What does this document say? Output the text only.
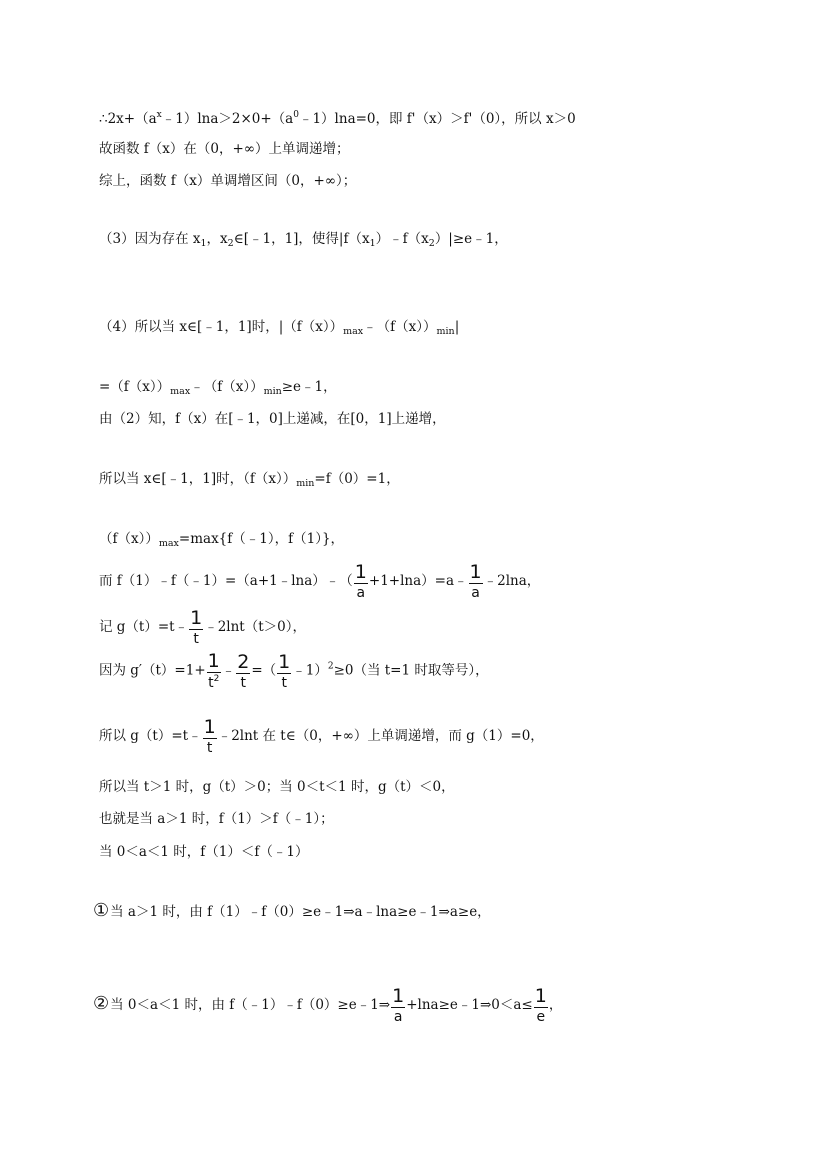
$\therefore 2x+(a^x﹣1)\ln a>2\times 0+(a^0﹣1)\ln a=0$，即 f'（x）＞f'（0），所以 x＞0
故函数 f（x）在（0，+∞）上单调递增；
综上，函数 f（x）单调增区间（0，+∞）；
（3）因为存在 $x_1$，$x_2\in[﹣1$，1]，使得$|f(x_1)﹣f(x_2)|\ge e﹣1$，
（4）所以当 x∈[﹣1，1]时，$|(f(x))_{max}﹣(f(x))_{min}|$
$=(f(x))_{max}﹣(f(x))_{min}\ge e﹣1$，
由（2）知，f（x）在[﹣1，0]上递减，在[0，1]上递增，
所以当 x∈[﹣1，1]时，$(f(x))_{min}=f(0)=1$，
$(f(x))_{max}=\max\{f(﹣1)$，f（1）}，
而 f（1）﹣f（﹣1）=（a+1﹣lna）﹣（ $\frac{1}{a}$ +1+lna）=a﹣ $\frac{1}{a}$ ﹣2lna，
记 g（t）=t﹣ $\frac{1}{t}$ ﹣2lnt（t＞0），
因为 $g'(t)=1+ \frac{1}{t^2}$ ﹣ $\frac{2}{t}$ =（ $\frac{1}{t}$ ﹣1）$^2$≥0（当 t=1 时取等号），
所以 g（t）=t﹣ $\frac{1}{t}$ ﹣2lnt 在 t∈（0，+∞）上单调递增，而 g（1）=0，
所以当 t＞1 时，g（t）＞0；当 0＜t＜1 时，g（t）＜0，
也就是当 a＞1 时，f（1）＞f（﹣1）；
当 0＜a＜1 时，f（1）＜f（﹣1）
①当 a＞1 时，由 f（1）﹣f（0）≥e﹣1⇒a﹣lna≥e﹣1⇒a≥e，
②当 0＜a＜1 时，由 f（﹣1）﹣f（0）≥e﹣1⇒ $\frac{1}{a}$ +lna≥e﹣1⇒0＜a≤ $\frac{1}{e}$ ，
